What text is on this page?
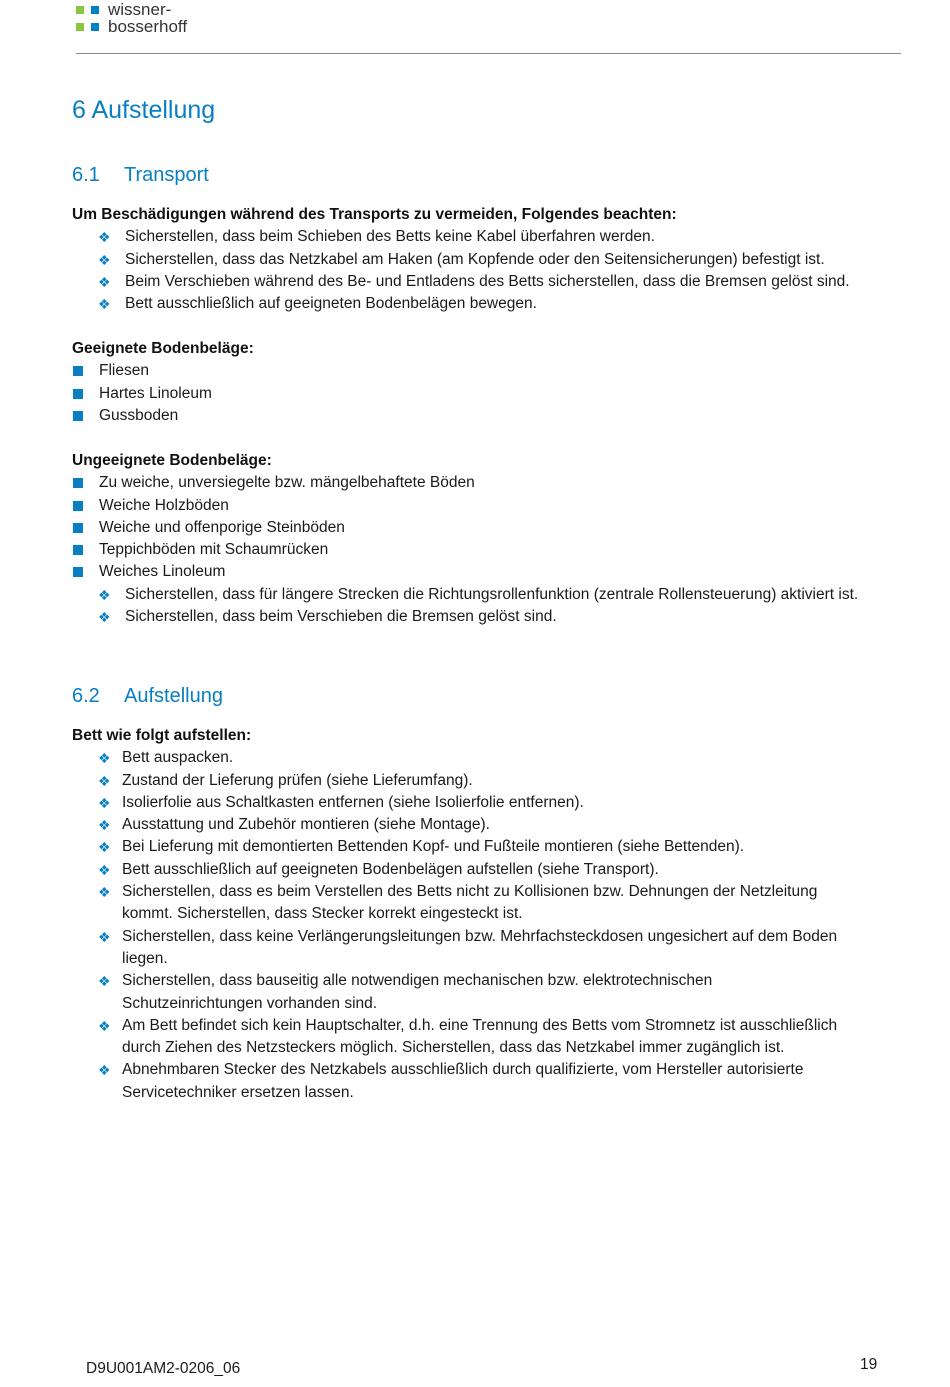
wissner-
bosserhoff
6 Aufstellung
6.1 Transport
Um Beschädigungen während des Transports zu vermeiden, Folgendes beachten:
❖ Sicherstellen, dass beim Schieben des Betts keine Kabel überfahren werden.
❖ Sicherstellen, dass das Netzkabel am Haken (am Kopfende oder den Seitensicherungen) befestigt ist.
❖ Beim Verschieben während des Be- und Entladens des Betts sicherstellen, dass die Bremsen gelöst sind.
❖ Bett ausschließlich auf geeigneten Bodenbelägen bewegen.
Geeignete Bodenbeläge:
Fliesen
Hartes Linoleum
Gussboden
Ungeeignete Bodenbeläge:
Zu weiche, unversiegelte bzw. mängelbehaftete Böden
Weiche Holzböden
Weiche und offenporige Steinböden
Teppichböden mit Schaumrücken
Weiches Linoleum
❖ Sicherstellen, dass für längere Strecken die Richtungsrollenfunktion (zentrale Rollensteuerung) aktiviert ist.
❖ Sicherstellen, dass beim Verschieben die Bremsen gelöst sind.
6.2 Aufstellung
Bett wie folgt aufstellen:
❖ Bett auspacken.
❖ Zustand der Lieferung prüfen (siehe Lieferumfang).
❖ Isolierfolie aus Schaltkasten entfernen (siehe Isolierfolie entfernen).
❖ Ausstattung und Zubehör montieren (siehe Montage).
❖ Bei Lieferung mit demontierten Bettenden Kopf- und Fußteile montieren (siehe Bettenden).
❖ Bett ausschließlich auf geeigneten Bodenbelägen aufstellen (siehe Transport).
❖ Sicherstellen, dass es beim Verstellen des Betts nicht zu Kollisionen bzw. Dehnungen der Netzleitung kommt. Sicherstellen, dass Stecker korrekt eingesteckt ist.
❖ Sicherstellen, dass keine Verlängerungsleitungen bzw. Mehrfachsteckdosen ungesichert auf dem Boden liegen.
❖ Sicherstellen, dass bauseitig alle notwendigen mechanischen bzw. elektrotechnischen Schutzeinrichtungen vorhanden sind.
❖ Am Bett befindet sich kein Hauptschalter, d.h. eine Trennung des Betts vom Stromnetz ist ausschließlich durch Ziehen des Netzsteckers möglich. Sicherstellen, dass das Netzkabel immer zugänglich ist.
❖ Abnehmbaren Stecker des Netzkabels ausschließlich durch qualifizierte, vom Hersteller autorisierte Servicetechniker ersetzen lassen.
D9U001AM2-0206_06	19
